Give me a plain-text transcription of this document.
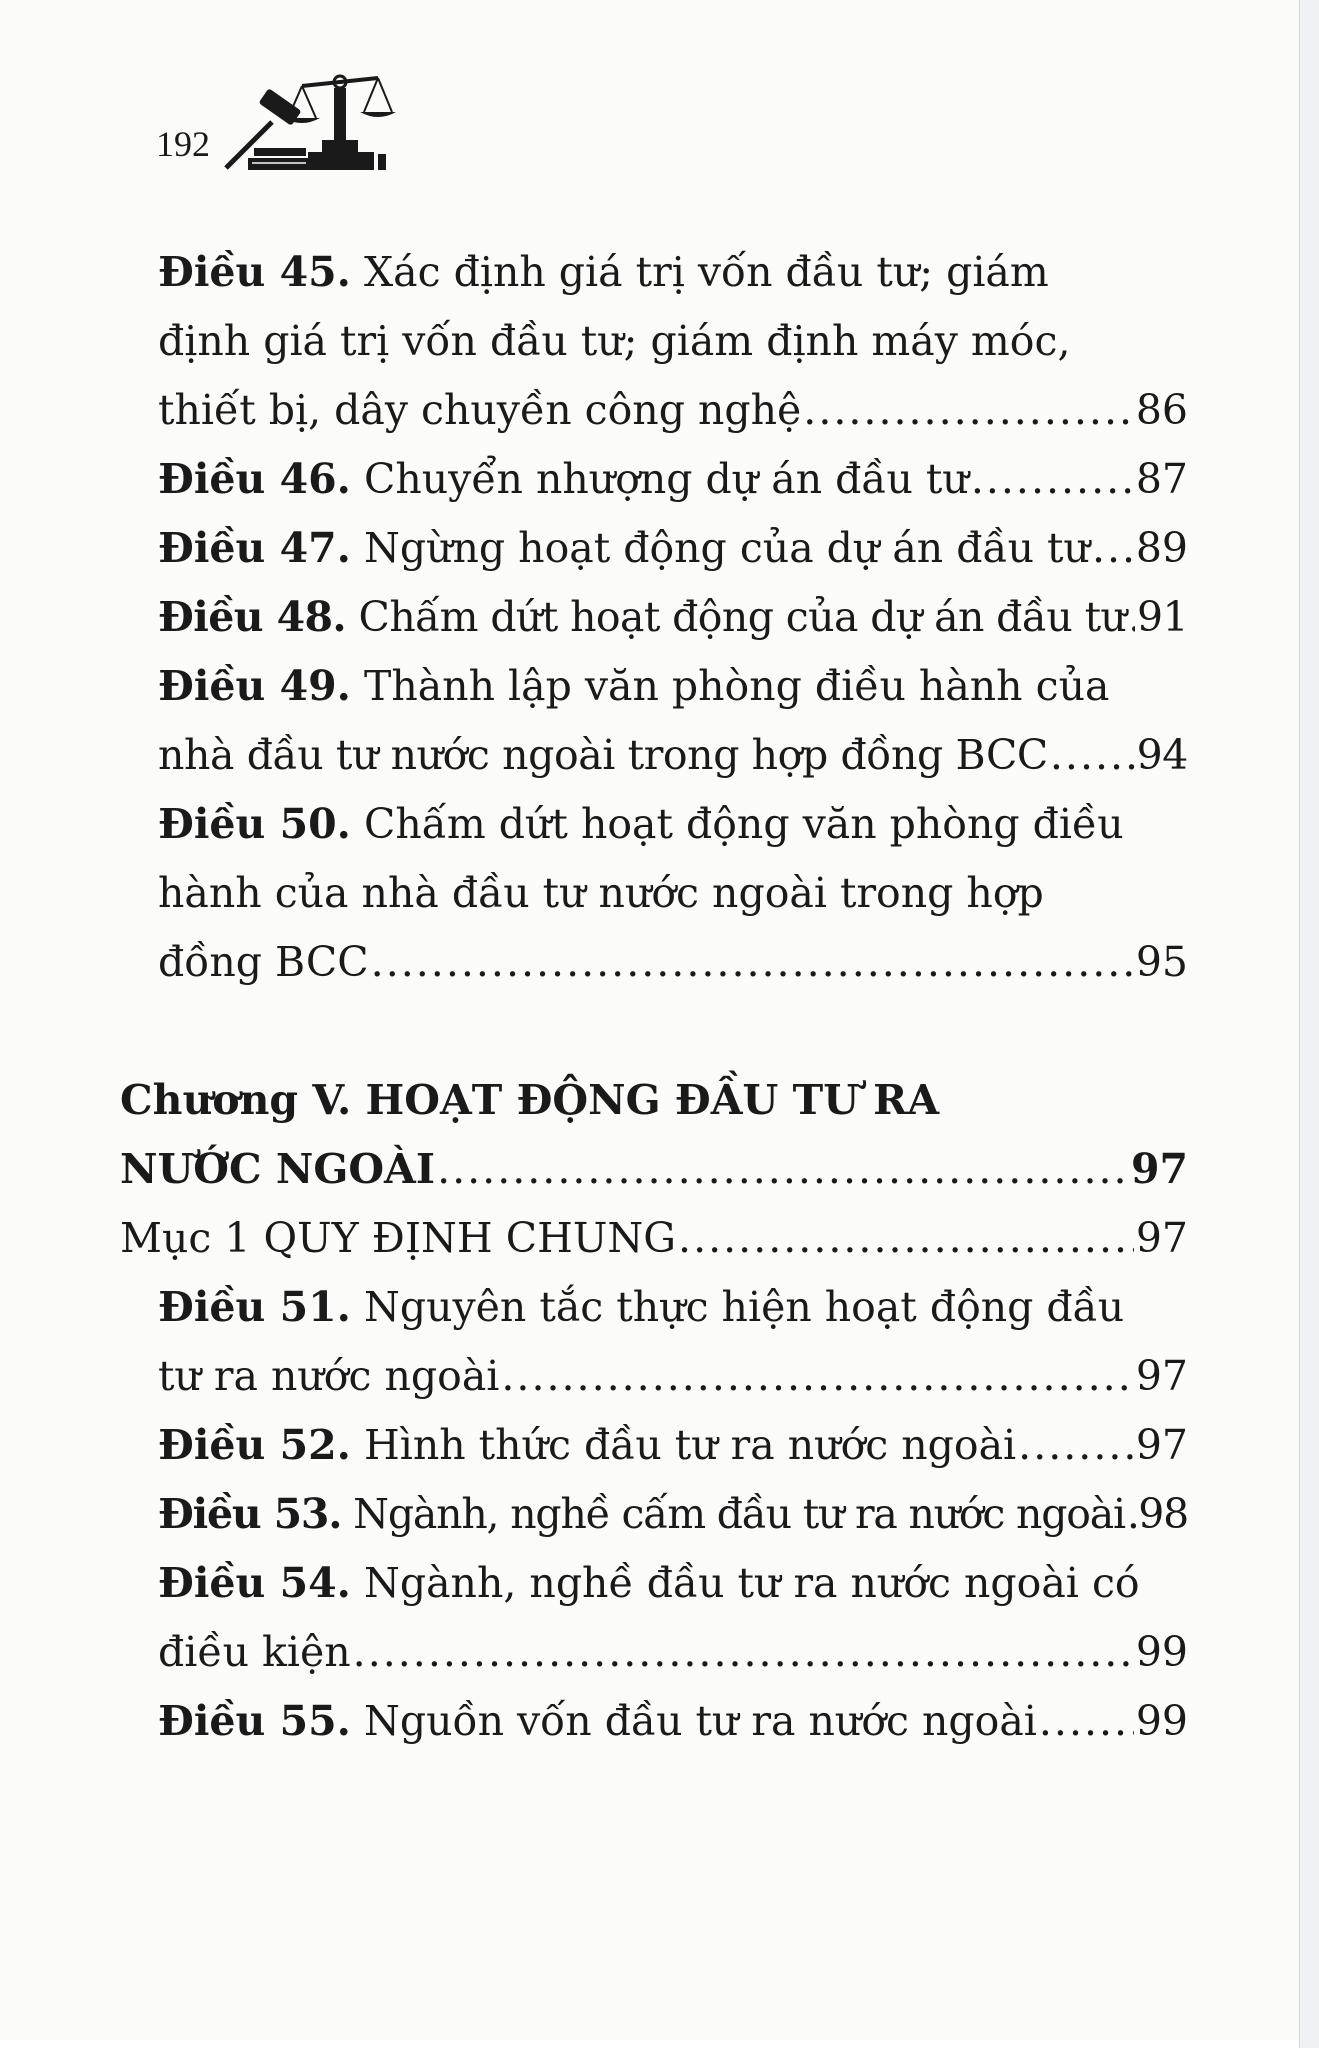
192
Điều 45. Xác định giá trị vốn đầu tư; giám
định giá trị vốn đầu tư; giám định máy móc,
thiết bị, dây chuyền công nghệ .....	86
Điều 46. Chuyển nhượng dự án đầu tư .....	87
Điều 47. Ngừng hoạt động của dự án đầu tư ..... 89
Điều 48. Chấm dứt hoạt động của dự án đầu tư ..... 91
Điều 49. Thành lập văn phòng điều hành của
nhà đầu tư nước ngoài trong hợp đồng BCC ..... 94
Điều 50. Chấm dứt hoạt động văn phòng điều
hành của nhà đầu tư nước ngoài trong hợp
đồng BCC .....	95
Chương V. HOẠT ĐỘNG ĐẦU TƯ RA
NƯỚC NGOÀI .....	97
Mục 1 QUY ĐỊNH CHUNG .....	97
Điều 51. Nguyên tắc thực hiện hoạt động đầu
tư ra nước ngoài .....	97
Điều 52. Hình thức đầu tư ra nước ngoài .....	97
Điều 53. Ngành, nghề cấm đầu tư ra nước ngoài ..... 98
Điều 54. Ngành, nghề đầu tư ra nước ngoài có
điều kiện .....	99
Điều 55. Nguồn vốn đầu tư ra nước ngoài ..... 99
